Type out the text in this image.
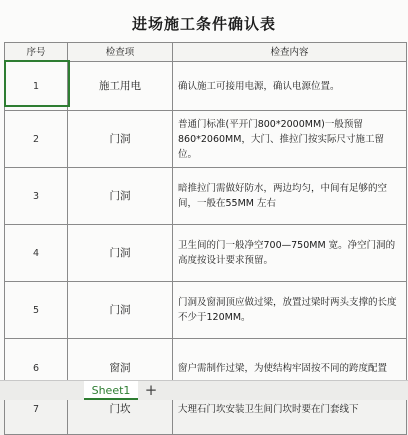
进场施工条件确认表
序号	检查项	检查内容
1	施工用电	确认施工可接用电源，确认电源位置。
2	门洞	普通门标准(平开门800*2000MM)一般预留860*2060MM，大门、推拉门按实际尺寸施工留位。
3	门洞	暗推拉门需做好防水，两边均匀，中间有足够的空间，一般在55MM 左右
4	门洞	卫生间的门一般净空700—750MM 宽。净空门洞的高度按设计要求预留。
5	门洞	门洞及窗洞顶应做过梁，放置过梁时两头支撑的长度不少于120MM。
6	窗洞	窗户需制作过梁，为使结构牢固按不同的跨度配置
7	门坎	大理石门坎安装卫生间门坎时要在门套线下
Sheet1 +
